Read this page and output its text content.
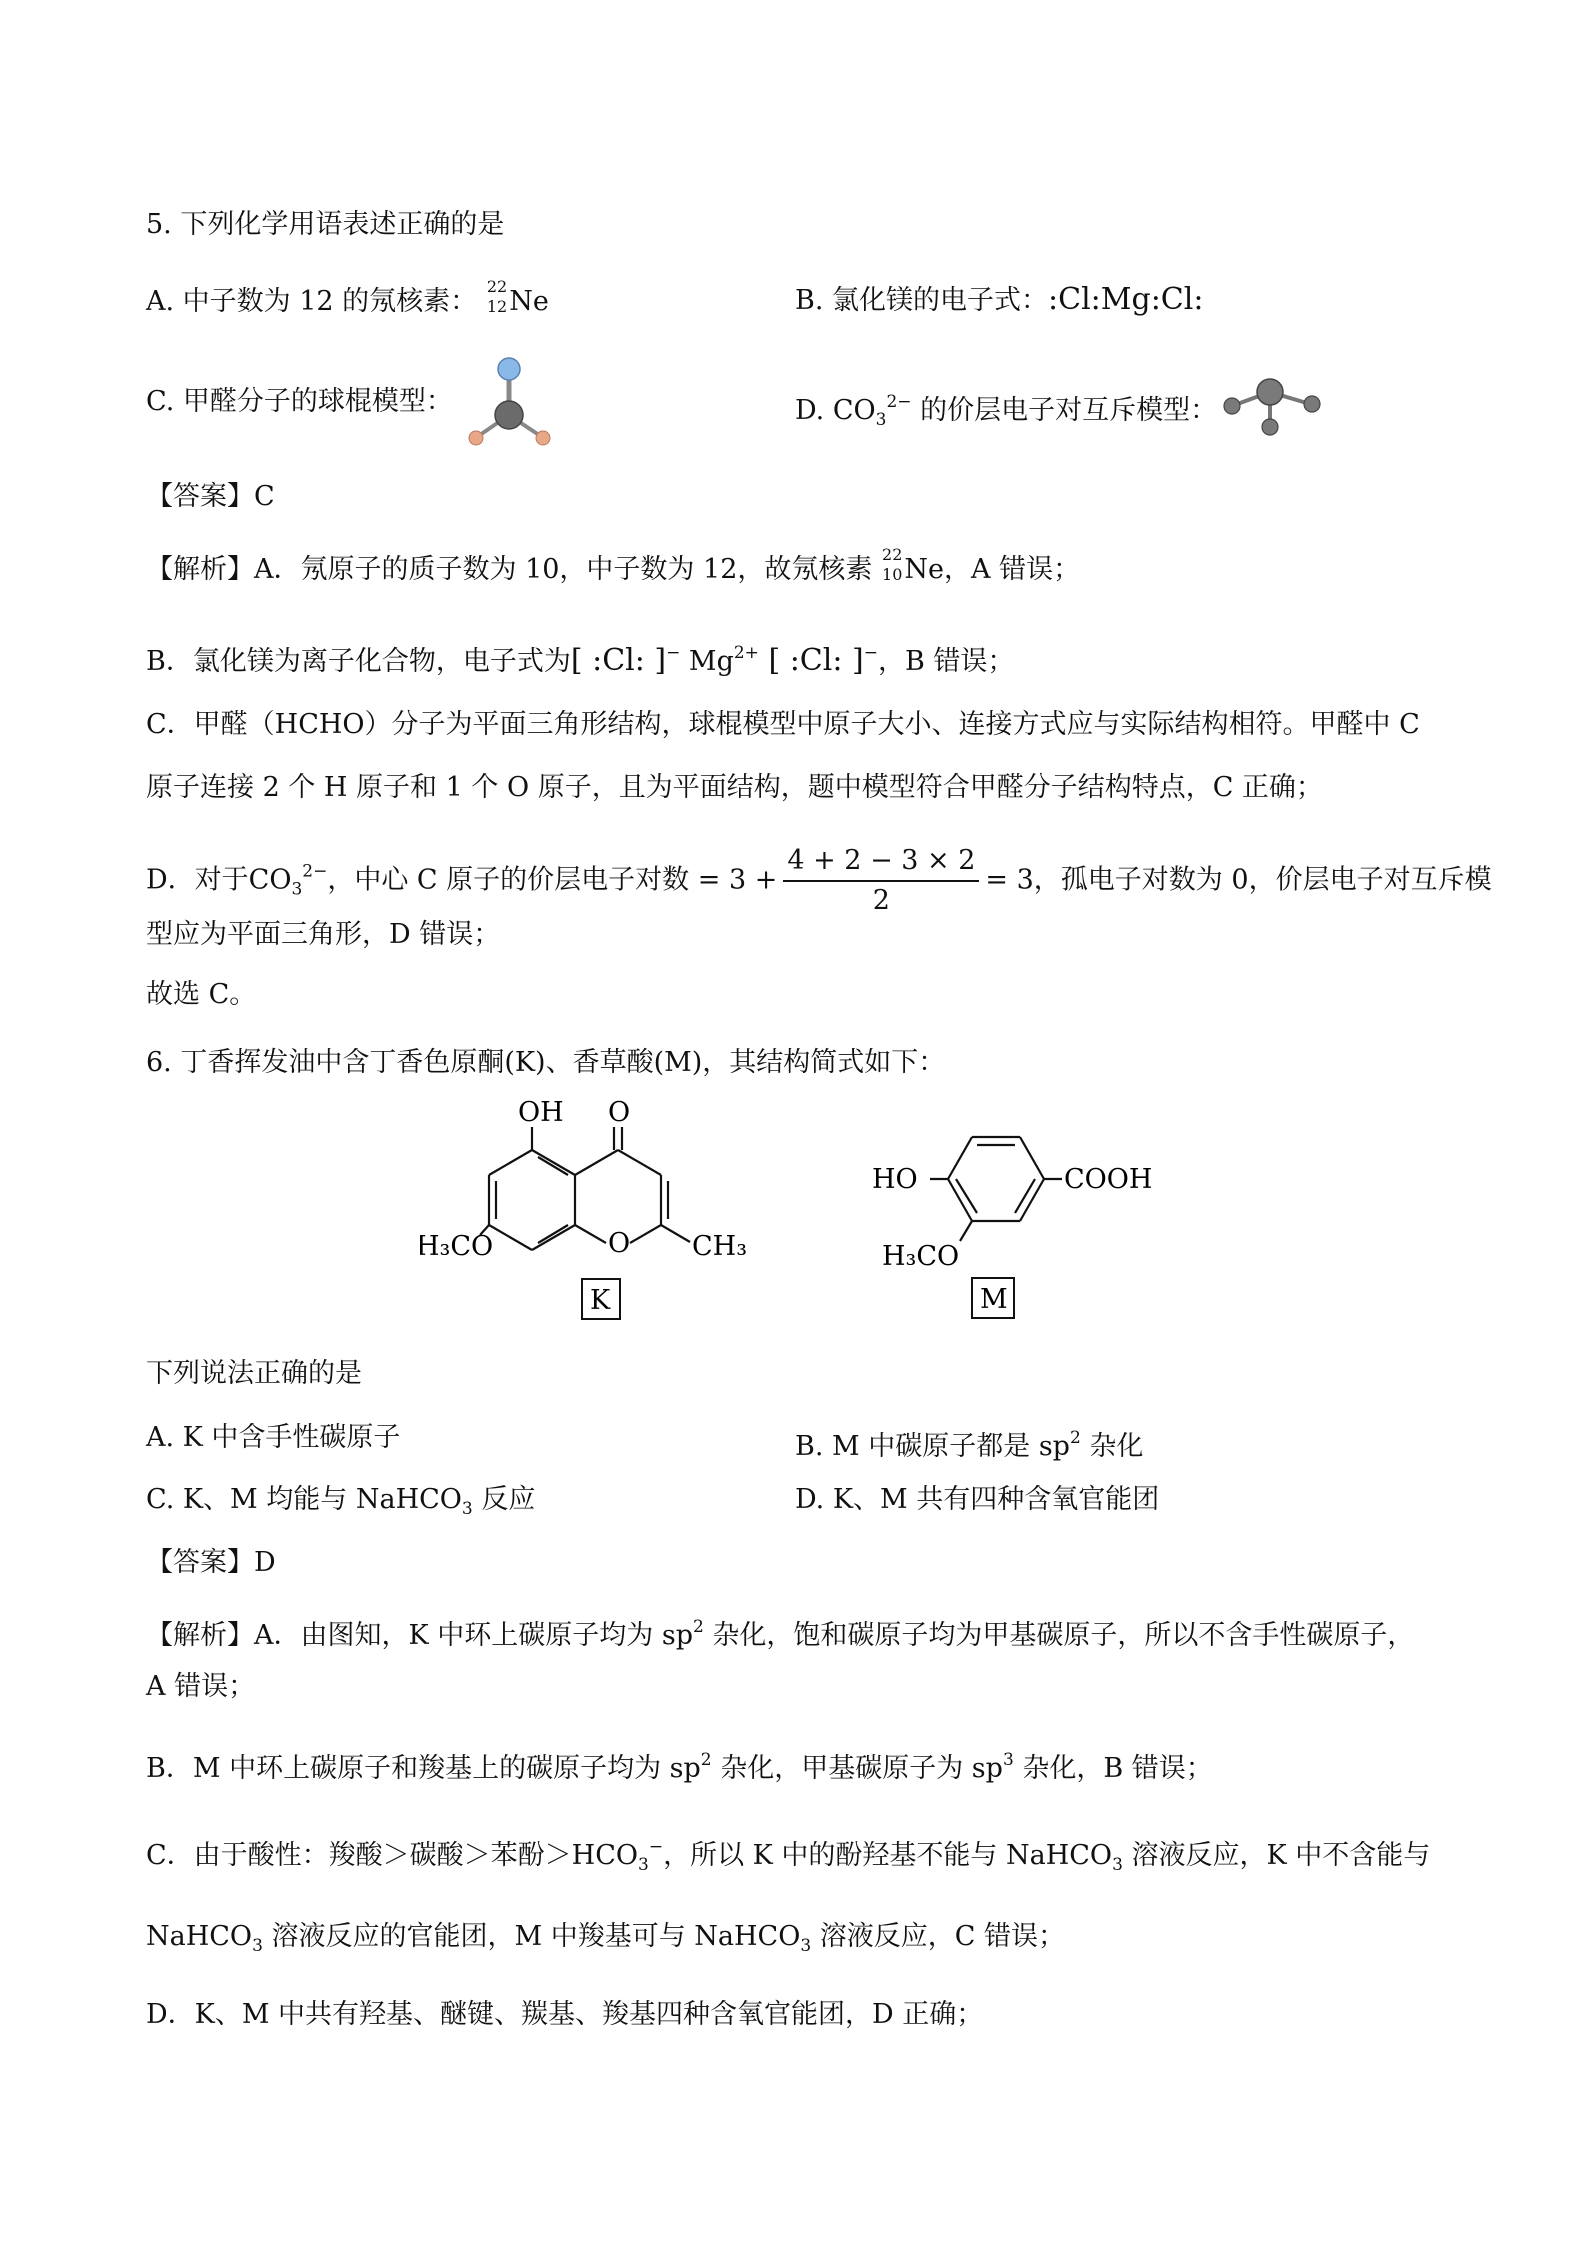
5. 下列化学用语表述正确的是
A. 中子数为 12 的氖核素： 22
12 Ne	B. 氯化镁的电子式：:Cl:Mg:Cl:
C. 甲醛分子的球棍模型：	D. $CO_3^{2-}$ 的价层电子对互斥模型：
【答案】C
【解析】A．氖原子的质子数为 10，中子数为 12，故氖核素 22
10 Ne，A 错误；
B．氯化镁为离子化合物，电子式为[ :Cl: ]− $Mg^{2+}$ [ :Cl: ]−，B 错误；
C．甲醛（HCHO）分子为平面三角形结构，球棍模型中原子大小、连接方式应与实际结构相符。甲醛中 C
原子连接 2 个 H 原子和 1 个 O 原子，且为平面结构，题中模型符合甲醛分子结构特点，C 正确；
D．对于$CO_3^{2-}$，中心 C 原子的价层电子对数 = $3 + \frac{4 + 2 - 3 \times 2}{2} = 3$，孤电子对数为 0，价层电子对互斥模
型应为平面三角形，D 错误；
故选 C。
6. 丁香挥发油中含丁香色原酮(K)、香草酸(M)，其结构简式如下：
OH O
O
H₃CO	CH₃
K
HO	COOH
H₃CO
M
下列说法正确的是
A. K 中含手性碳原子	B. M 中碳原子都是 $sp^2$ 杂化
C. K、M 均能与 NaHCO$_3$ 反应	D. K、M 共有四种含氧官能团
【答案】D
【解析】A．由图知，K 中环上碳原子均为 $sp^2$ 杂化，饱和碳原子均为甲基碳原子，所以不含手性碳原子，
A 错误；
B．M 中环上碳原子和羧基上的碳原子均为 $sp^2$ 杂化，甲基碳原子为 $sp^3$ 杂化，B 错误；
C．由于酸性：羧酸＞碳酸＞苯酚$>HCO_3^-$，所以 K 中的酚羟基不能与 NaHCO$_3$ 溶液反应，K 中不含能与
NaHCO$_3$ 溶液反应的官能团，M 中羧基可与 NaHCO$_3$ 溶液反应，C 错误；
D．K、M 中共有羟基、醚键、羰基、羧基四种含氧官能团，D 正确；
